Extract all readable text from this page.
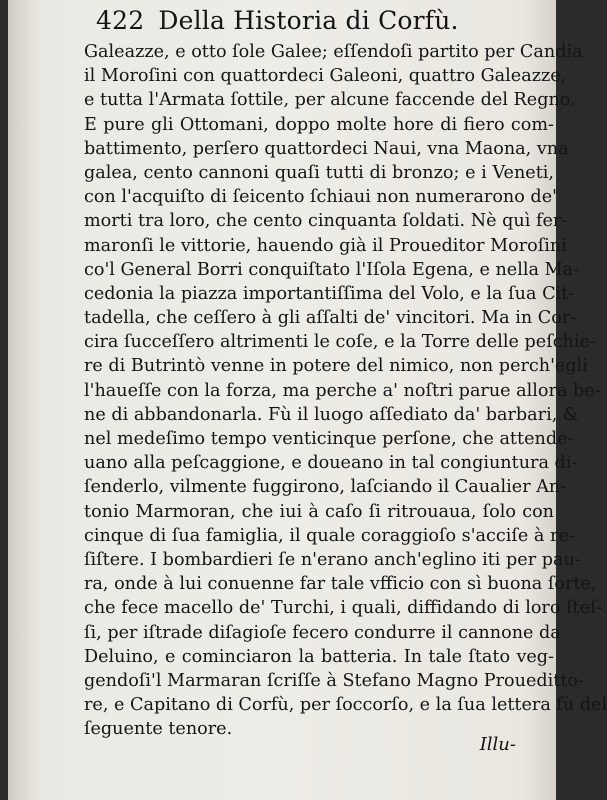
422 Della Historia di Corfù.
Galeazze, e otto ſole Galee; eſſendoſi partito per Candia
il Moroſini con quattordeci Galeoni, quattro Galeazze,
e tutta l'Armata ſottile, per alcune faccende del Regno.
E pure gli Ottomani, doppo molte hore di fiero com-
battimento, perſero quattordeci Naui, vna Maona, vna
galea, cento cannoni quaſi tutti di bronzo; e i Veneti,
con l'acquiſto di ſeicento ſchiaui non numerarono de'
morti tra loro, che cento cinquanta ſoldati. Nè quì fer-
maronſi le vittorie, hauendo già il Proueditor Moroſini
co'l General Borri conquiſtato l'Iſola Egena, e nella Ma-
cedonia la piazza importantiſſima del Volo, e la ſua Cit-
tadella, che ceſſero à gli aſſalti de' vincitori. Ma in Cor-
cira ſucceſſero altrimenti le coſe, e la Torre delle peſchie-
re di Butrintò venne in potere del nimico, non perch'egli
l'haueſſe con la forza, ma perche a' noſtri parue allora be-
ne di abbandonarla. Fù il luogo aſſediato da' barbari, &
nel medeſimo tempo venticinque perſone, che attende-
uano alla peſcaggione, e doueano in tal congiuntura di-
ſenderlo, vilmente fuggirono, laſciando il Caualier An-
tonio Marmoran, che iui à caſo ſi ritrouaua, ſolo con
cinque di ſua famiglia, il quale coraggioſo s'acciſe à re-
ſiſtere. I bombardieri ſe n'erano anch'eglino iti per pau-
ra, onde à lui conuenne far tale vfficio con sì buona ſorte,
che fece macello de' Turchi, i quali, diffidando di loro ſteſ-
ſi, per iſtrade diſagioſe fecero condurre il cannone da
Deluino, e cominciaron la batteria. In tale ſtato veg-
gendoſi'l Marmaran ſcriſſe à Stefano Magno Proueditto-
re, e Capitano di Corfù, per ſoccorſo, e la ſua lettera fù del
ſeguente tenore.
Illu-
